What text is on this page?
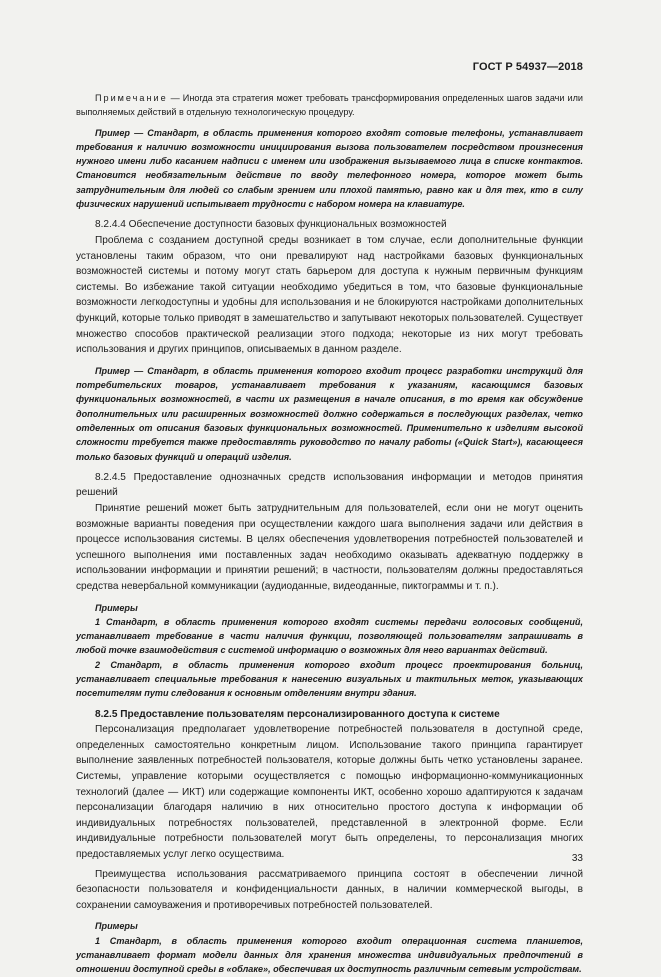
ГОСТ Р 54937—2018

Примечание — Иногда эта стратегия может требовать трансформирования определенных шагов задачи или выполняемых действий в отдельную технологическую процедуру.

Пример — Стандарт, в область применения которого входят сотовые телефоны, устанавливает требования к наличию возможности инициирования вызова пользователем посредством произнесения нужного имени либо касанием надписи с именем или изображения вызываемого лица в списке контактов. Становится необязательным действие по вводу телефонного номера, которое может быть затруднительным для людей со слабым зрением или плохой памятью, равно как и для тех, кто в силу физических нарушений испытывает трудности с набором номера на клавиатуре.

8.2.4.4 Обеспечение доступности базовых функциональных возможностей

Проблема с созданием доступной среды возникает в том случае, если дополнительные функции установлены таким образом, что они превалируют над настройками базовых функциональных возможностей системы и потому могут стать барьером для доступа к нужным первичным функциям системы. Во избежание такой ситуации необходимо убедиться в том, что базовые функциональные возможности легкодоступны и удобны для использования и не блокируются настройками дополнительных функций, которые только приводят в замешательство и запутывают некоторых пользователей. Существует множество способов практической реализации этого подхода; некоторые из них могут требовать использования и других принципов, описываемых в данном разделе.

Пример — Стандарт, в область применения которого входит процесс разработки инструкций для потребительских товаров, устанавливает требования к указаниям, касающимся базовых функциональных возможностей, в части их размещения в начале описания, в то время как обсуждение дополнительных или расширенных возможностей должно содержаться в последующих разделах, четко отделенных от описания базовых функциональных возможностей. Применительно к изделиям высокой сложности требуется также предоставлять руководство по началу работы («Quick Start»), касающееся только базовых функций и операций изделия.

8.2.4.5 Предоставление однозначных средств использования информации и методов принятия решений

Принятие решений может быть затруднительным для пользователей, если они не могут оценить возможные варианты поведения при осуществлении каждого шага выполнения задачи или действия в процессе использования системы. В целях обеспечения удовлетворения потребностей пользователей и успешного выполнения ими поставленных задач необходимо оказывать адекватную поддержку в использовании информации и принятии решений; в частности, пользователям должны предоставляться средства невербальной коммуникации (аудиоданные, видеоданные, пиктограммы и т. п.).

Примеры

1 Стандарт, в область применения которого входят системы передачи голосовых сообщений, устанавливает требование в части наличия функции, позволяющей пользователям запрашивать в любой точке взаимодействия с системой информацию о возможных для него вариантах действий.

2 Стандарт, в область применения которого входит процесс проектирования больниц, устанавливает специальные требования к нанесению визуальных и тактильных меток, указывающих посетителям пути следования к основным отделениям внутри здания.

8.2.5 Предоставление пользователям персонализированного доступа к системе

Персонализация предполагает удовлетворение потребностей пользователя в доступной среде, определенных самостоятельно конкретным лицом. Использование такого принципа гарантирует выполнение заявленных потребностей пользователя, которые должны быть четко установлены заранее. Системы, управление которыми осуществляется с помощью информационно-коммуникационных технологий (далее — ИКТ) или содержащие компоненты ИКТ, особенно хорошо адаптируются к задачам персонализации благодаря наличию в них относительно простого доступа к информации об индивидуальных потребностях пользователей, представленной в электронной форме. Если индивидуальные потребности пользователей могут быть определены, то персонализация многих предоставляемых услуг легко осуществима.

Преимущества использования рассматриваемого принципа состоят в обеспечении личной безопасности пользователя и конфиденциальности данных, в наличии коммерческой выгоды, в сохранении самоуважения и противоречивых потребностей пользователей.

Примеры

1 Стандарт, в область применения которого входит операционная система планшетов, устанавливает формат модели данных для хранения множества индивидуальных предпочтений в отношении доступной среды в «облаке», обеспечивая их доступность различным сетевым устройствам.

33
